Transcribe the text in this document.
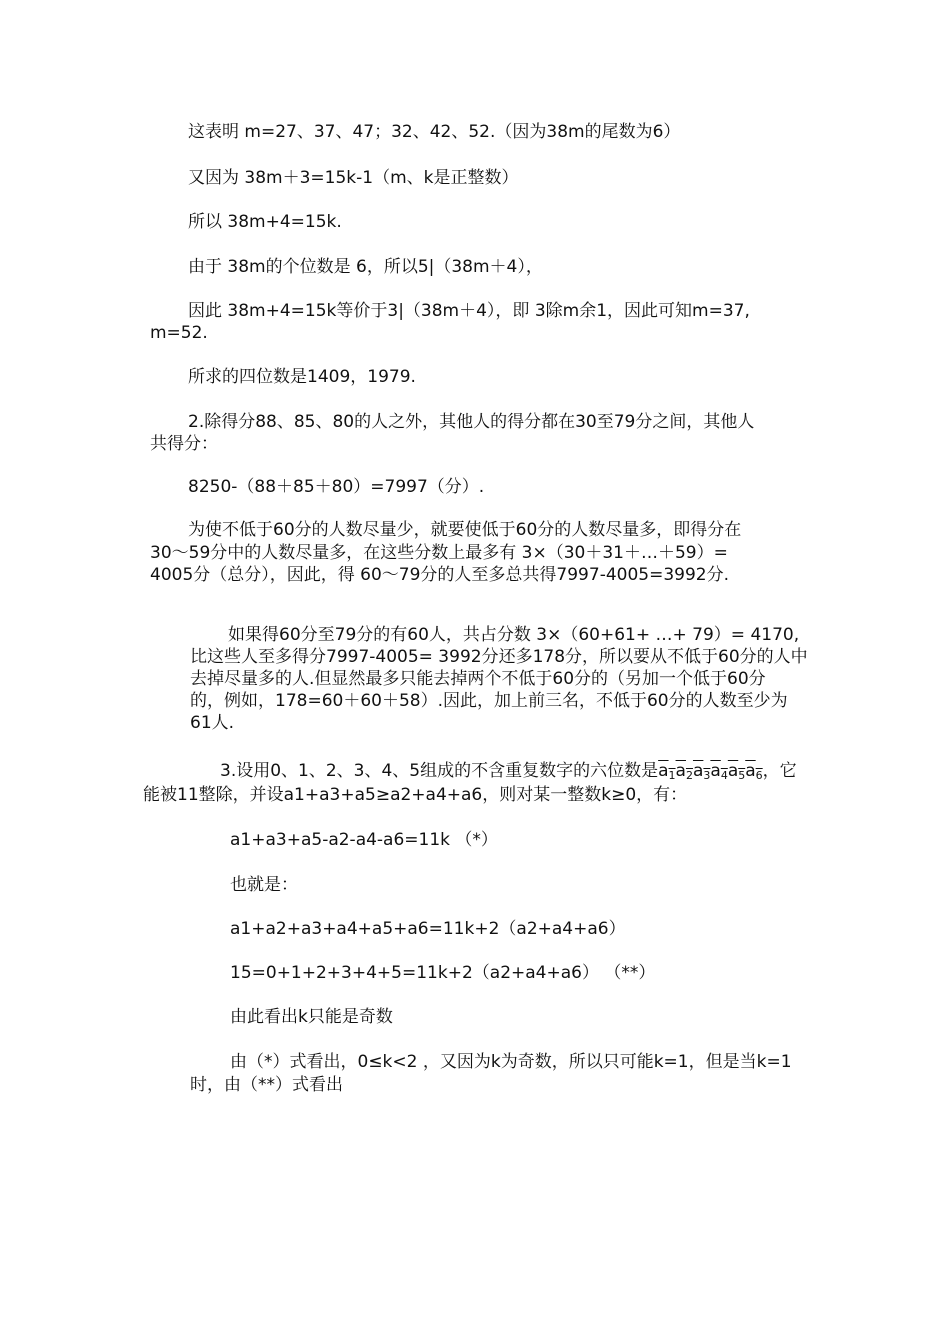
这表明 m=27、37、47；32、42、52.（因为38m的尾数为6）
又因为 38m＋3=15k-1（m、k是正整数）
所以 38m+4=15k.
由于 38m的个位数是 6，所以5|（38m＋4），
因此 38m+4=15k等价于3|（38m＋4），即 3除m余1，因此可知m=37,
m=52.
所求的四位数是1409，1979.
2.除得分88、85、80的人之外，其他人的得分都在30至79分之间，其他人
共得分：
8250-（88＋85＋80）=7997（分）.
为使不低于60分的人数尽量少，就要使低于60分的人数尽量多，即得分在
30～59分中的人数尽量多，在这些分数上最多有 3×（30＋31＋…＋59）=
4005分（总分），因此，得 60～79分的人至多总共得7997-4005=3992分.
如果得60分至79分的有60人，共占分数 3×（60+61+ …+ 79）= 4170,
比这些人至多得分7997-4005= 3992分还多178分，所以要从不低于60分的人中
去掉尽量多的人.但显然最多只能去掉两个不低于60分的（另加一个低于60分
的，例如，178=60＋60＋58）.因此，加上前三名，不低于60分的人数至少为
61人.
3.设用0、1、2、3、4、5组成的不含重复数字的六位数是$a_1a_2a_3a_4a_5a_6$，它
能被11整除，并设a1+a3+a5≥a2+a4+a6，则对某一整数k≥0，有：
a1+a3+a5-a2-a4-a6=11k （*）
也就是：
a1+a2+a3+a4+a5+a6=11k+2（a2+a4+a6）
15=0+1+2+3+4+5=11k+2（a2+a4+a6） （**）
由此看出k只能是奇数
由（*）式看出，0≤k<2 ，又因为k为奇数，所以只可能k=1，但是当k=1
时，由（**）式看出
